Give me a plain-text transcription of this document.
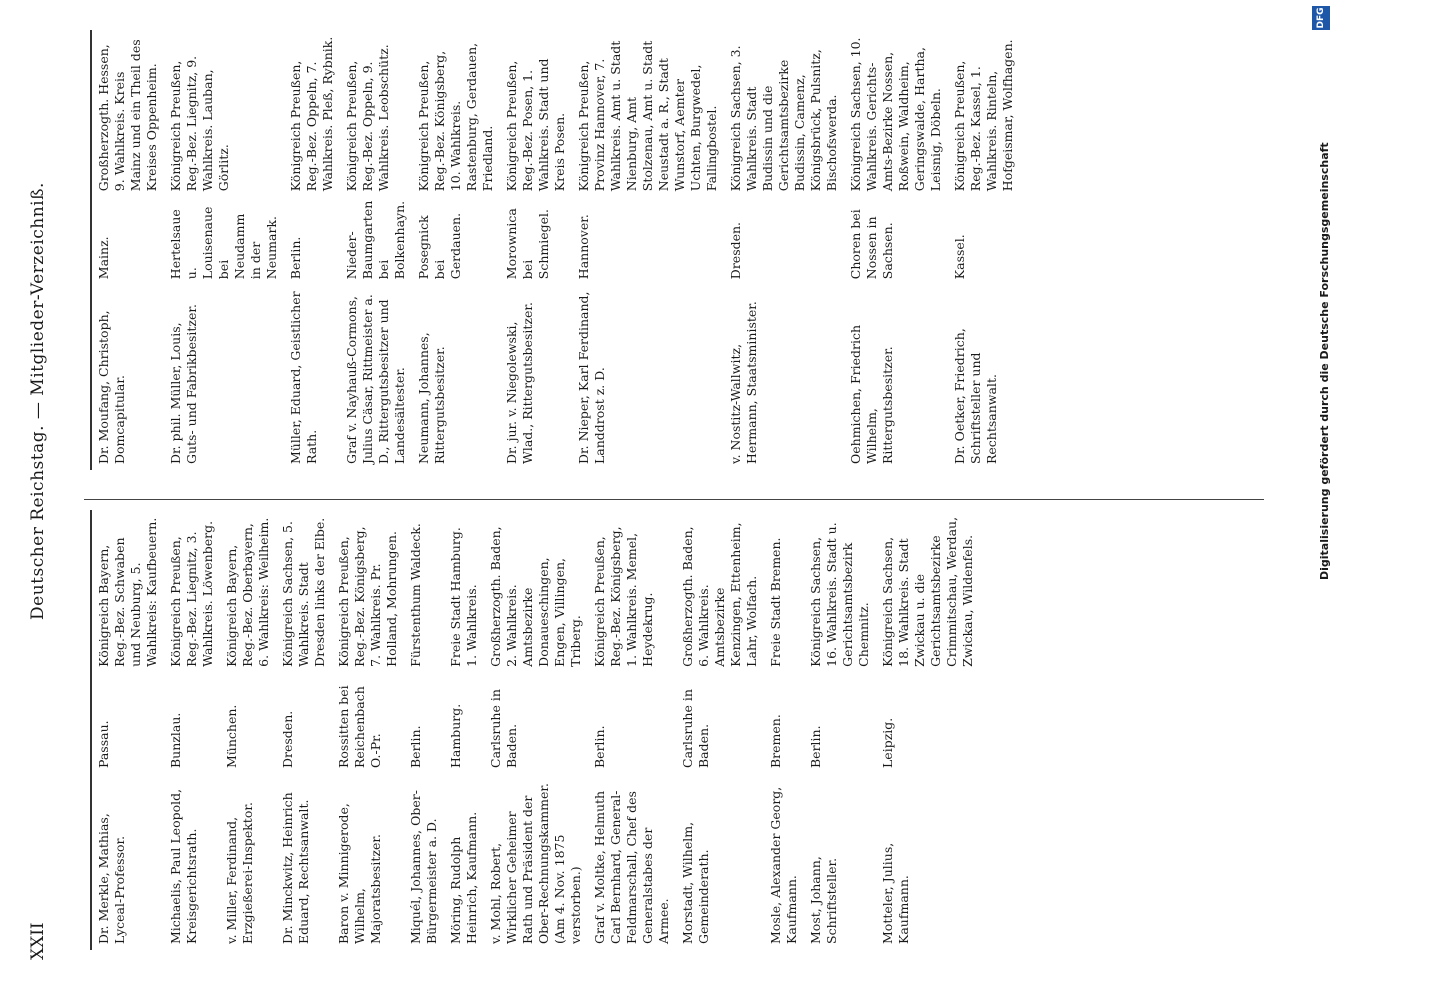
XXII
Deutscher Reichstag. — Mitglieder-Verzeichniß.
Dr. Merkle, Mathias, Lyceal-Professor.
Passau.
Königreich Bayern, Reg.-Bez. Schwaben und Neuburg, 5. Wahlkreis: Kaufbeuern.
Michaelis, Paul Leopold, Kreisgerichtsrath.
Bunzlau.
Königreich Preußen, Reg.-Bez. Liegnitz, 3. Wahlkreis. Löwenberg.
v. Miller, Ferdinand, Erzgießerei-Inspektor.
München.
Königreich Bayern, Reg.-Bez. Oberbayern, 6. Wahlkreis: Weilheim.
Dr. Minckwitz, Heinrich Eduard, Rechtsanwalt.
Dresden.
Königreich Sachsen, 5. Wahlkreis. Stadt Dresden links der Elbe.
Baron v. Minnigerode, Wilhelm, Majoratsbesitzer.
Rossitten bei Reichenbach O.-Pr.
Königreich Preußen, Reg.-Bez. Königsberg, 7. Wahlkreis. Pr. Holland, Mohrungen.
Miquél, Johannes, Ober-Bürgermeister a. D.
Berlin.
Fürstenthum Waldeck.
Möring, Rudolph Heinrich, Kaufmann.
Hamburg.
Freie Stadt Hamburg. 1. Wahlkreis.
v. Mohl, Robert, Wirklicher Geheimer Rath und Präsident der Ober-Rechnungskammer. (Am 4. Nov. 1875 verstorben.)
Carlsruhe in Baden.
Großherzogth. Baden, 2. Wahlkreis. Amtsbezirke Donaueschingen, Engen, Villingen, Triberg.
Graf v. Moltke, Helmuth Carl Bernhard, General-Feldmarschall, Chef des Generalstabes der Armee.
Berlin.
Königreich Preußen, Reg.-Bez. Königsberg, 1. Wahlkreis. Memel, Heydekrug.
Morstadt, Wilhelm, Gemeinderath.
Carlsruhe in Baden.
Großherzogth. Baden, 6. Wahlkreis. Amtsbezirke Kenzingen, Ettenheim, Lahr, Wolfach.
Mosle, Alexander Georg, Kaufmann.
Bremen.
Freie Stadt Bremen.
Most, Johann, Schriftsteller.
Berlin.
Königreich Sachsen, 16. Wahlkreis. Stadt u. Gerichtsamtsbezirk Chemnitz.
Motteler, Julius, Kaufmann.
Leipzig.
Königreich Sachsen, 18. Wahlkreis. Stadt Zwickau u. die Gerichtsamtsbezirke Crimmitschau, Werdau, Zwickau, Wildenfels.
Dr. Moufang, Christoph, Domcapitular.
Mainz.
Großherzogth. Hessen, 9. Wahlkreis. Kreis Mainz und ein Theil des Kreises Oppenheim.
Dr. phil. Müller, Louis, Guts- und Fabrikbesitzer.
Hertelsaue u. Louisenaue bei Neudamm in der Neumark.
Königreich Preußen, Reg.-Bez. Liegnitz, 9. Wahlkreis. Lauban, Görlitz.
Müller, Eduard, Geistlicher Rath.
Berlin.
Königreich Preußen, Reg.-Bez. Oppeln, 7. Wahlkreis. Pleß, Rybnik.
Graf v. Nayhauß-Cormons, Julius Cäsar, Rittmeister a. D., Rittergutsbesitzer und Landesältester.
Nieder-Baumgarten bei Bolkenhayn.
Königreich Preußen, Reg.-Bez. Oppeln, 9. Wahlkreis. Leobschütz.
Neumann, Johannes, Rittergutsbesitzer.
Posegnick bei Gerdauen.
Königreich Preußen, Reg.-Bez. Königsberg, 10. Wahlkreis. Rastenburg, Gerdauen, Friedland.
Dr. jur. v. Niegolewski, Wlad., Rittergutsbesitzer.
Morownica bei Schmiegel.
Königreich Preußen, Reg.-Bez. Posen, 1. Wahlkreis. Stadt und Kreis Posen.
Dr. Nieper, Karl Ferdinand, Landdrost z. D.
Hannover.
Königreich Preußen, Provinz Hannover, 7. Wahlkreis. Amt u. Stadt Nienburg, Amt Stolzenau, Amt u. Stadt Neustadt a. R., Stadt Wunstorf, Aemter Uchten, Burgwedel, Fallingbostel.
v. Nostitz-Wallwitz, Hermann, Staatsminister.
Dresden.
Königreich Sachsen, 3. Wahlkreis. Stadt Budissin und die Gerichtsamtsbezirke Budissin, Camenz, Königsbrück, Pulsnitz, Bischofswerda.
Oehmichen, Friedrich Wilhelm, Rittergutsbesitzer.
Choren bei Nossen in Sachsen.
Königreich Sachsen, 10. Wahlkreis. Gerichts-Amts-Bezirke Nossen, Roßwein, Waldheim, Geringswalde, Hartha, Leisnig, Döbeln.
Dr. Oetker, Friedrich, Schriftsteller und Rechtsanwalt.
Kassel.
Königreich Preußen, Reg.-Bez. Kassel, 1. Wahlkreis. Rinteln, Hofgeismar, Wolfhagen.
Digitalisierung gefördert durch die Deutsche Forschungsgemeinschaft
DFG
